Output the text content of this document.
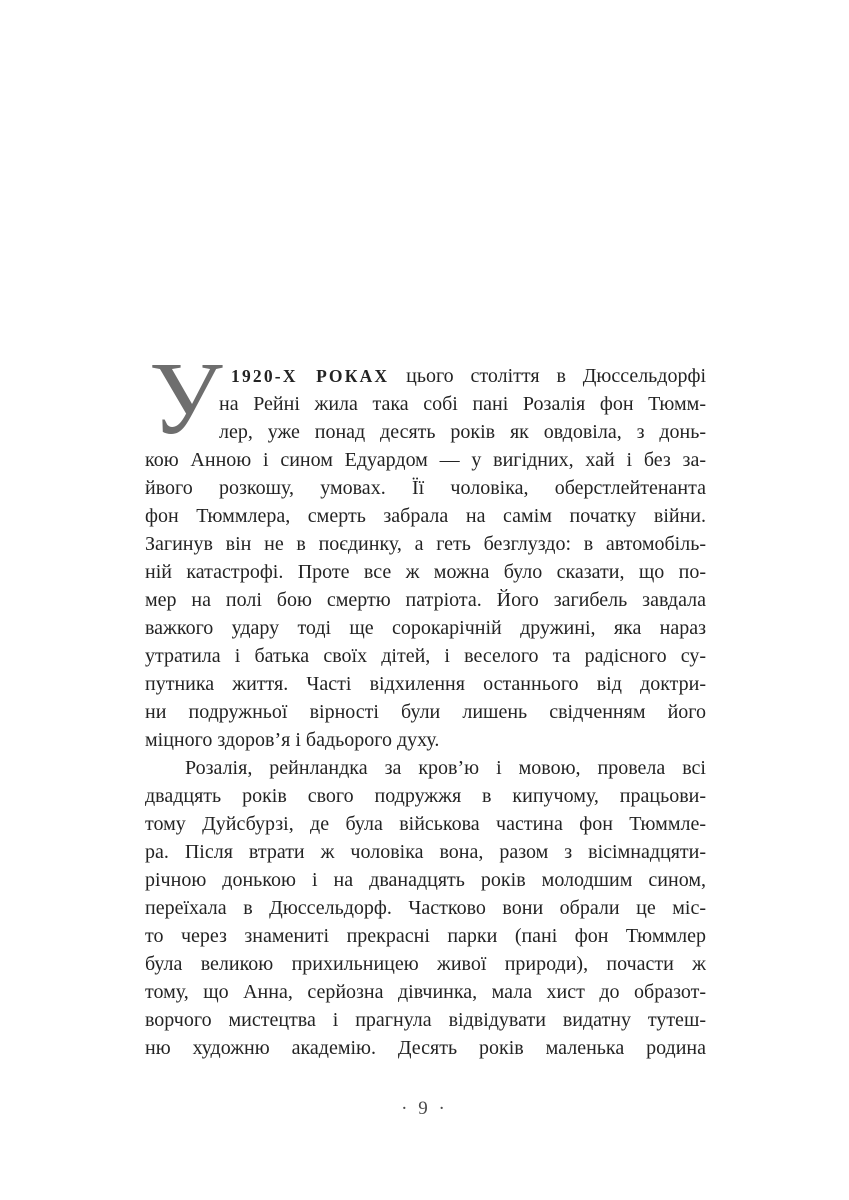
У 1920-Х РОКАХ цього століття в Дюссельдорфі
на Рейні жила така собі пані Розалія фон Тюмм-
лер, уже понад десять років як овдовіла, з донь-
кою Анною і сином Едуардом — у вигідних, хай і без за-
йвого розкошу, умовах. Її чоловіка, оберстлейтенанта
фон Тюммлера, смерть забрала на самім початку війни.
Загинув він не в поєдинку, а геть безглуздо: в автомобіль-
ній катастрофі. Проте все ж можна було сказати, що по-
мер на полі бою смертю патріота. Його загибель завдала
важкого удару тоді ще сорокарічній дружині, яка нараз
утратила і батька своїх дітей, і веселого та радісного су-
путника життя. Часті відхилення останнього від доктри-
ни подружньої вірності були лишень свідченням його
міцного здоров’я і бадьорого духу.
Розалія, рейнландка за кров’ю і мовою, провела всі
двадцять років свого подружжя в кипучому, працьови-
тому Дуйсбурзі, де була військова частина фон Тюммле-
ра. Після втрати ж чоловіка вона, разом з вісімнадцяти-
річною донькою і на дванадцять років молодшим сином,
переїхала в Дюссельдорф. Частково вони обрали це міс-
то через знамениті прекрасні парки (пані фон Тюммлер
була великою прихильницею живої природи), почасти ж
тому, що Анна, серйозна дівчинка, мала хист до образот-
ворчого мистецтва і прагнула відвідувати видатну тутеш-
ню художню академію. Десять років маленька родина
· 9 ·
